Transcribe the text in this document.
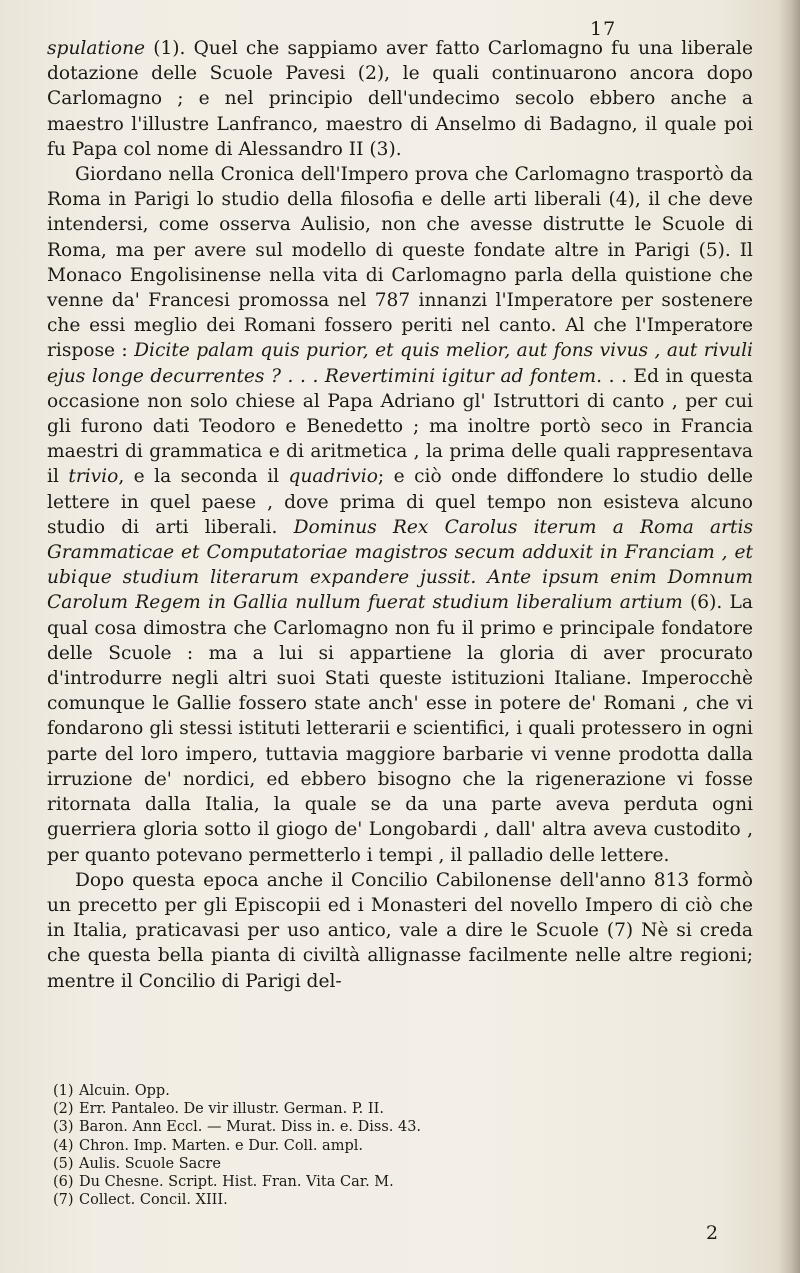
17

spulatione (1). Quel che sappiamo aver fatto Carlomagno fu una liberale dotazione delle Scuole Pavesi (2), le quali continuarono ancora dopo Carlomagno ; e nel principio dell'undecimo secolo ebbero anche a maestro l'illustre Lanfranco, maestro di Anselmo di Badagno, il quale poi fu Papa col nome di Alessandro II (3).

Giordano nella Cronica dell'Impero prova che Carlomagno trasportò da Roma in Parigi lo studio della filosofia e delle arti liberali (4), il che deve intendersi, come osserva Aulisio, non che avesse distrutte le Scuole di Roma, ma per avere sul modello di queste fondate altre in Parigi (5). Il Monaco Engolisinense nella vita di Carlomagno parla della quistione che venne da' Francesi promossa nel 787 innanzi l'Imperatore per sostenere che essi meglio dei Romani fossero periti nel canto. Al che l'Imperatore rispose : Dicite palam quis purior, et quis melior, aut fons vivus , aut rivuli ejus longe decurrentes ? . . . Revertimini igitur ad fontem. . . Ed in questa occasione non solo chiese al Papa Adriano gl' Istruttori di canto , per cui gli furono dati Teodoro e Benedetto ; ma inoltre portò seco in Francia maestri di grammatica e di aritmetica , la prima delle quali rappresentava il trivio, e la seconda il quadrivio; e ciò onde diffondere lo studio delle lettere in quel paese , dove prima di quel tempo non esisteva alcuno studio di arti liberali. Dominus Rex Carolus iterum a Roma artis Grammaticae et Computatoriae magistros secum adduxit in Franciam , et ubique studium literarum expandere jussit. Ante ipsum enim Domnum Carolum Regem in Gallia nullum fuerat studium liberalium artium (6). La qual cosa dimostra che Carlomagno non fu il primo e principale fondatore delle Scuole : ma a lui si appartiene la gloria di aver procurato d'introdurre negli altri suoi Stati queste istituzioni Italiane. Imperocchè comunque le Gallie fossero state anch' esse in potere de' Romani , che vi fondarono gli stessi istituti letterarii e scientifici, i quali protessero in ogni parte del loro impero, tuttavia maggiore barbarie vi venne prodotta dalla irruzione de' nordici, ed ebbero bisogno che la rigenerazione vi fosse ritornata dalla Italia, la quale se da una parte aveva perduta ogni guerriera gloria sotto il giogo de' Longobardi , dall' altra aveva custodito , per quanto potevano permetterlo i tempi , il palladio delle lettere.

Dopo questa epoca anche il Concilio Cabilonense dell'anno 813 formò un precetto per gli Episcopii ed i Monasteri del novello Impero di ciò che in Italia, praticavasi per uso antico, vale a dire le Scuole (7) Nè si creda che questa bella pianta di civiltà allignasse facilmente nelle altre regioni; mentre il Concilio di Parigi del-

(1) Alcuin. Opp.
(2) Err. Pantaleo. De vir illustr. German. P. II.
(3) Baron. Ann Eccl. — Murat. Diss in. e. Diss. 43.
(4) Chron. Imp. Marten. e Dur. Coll. ampl.
(5) Aulis. Scuole Sacre
(6) Du Chesne. Script. Hist. Fran. Vita Car. M.
(7) Collect. Concil. XIII.
2
